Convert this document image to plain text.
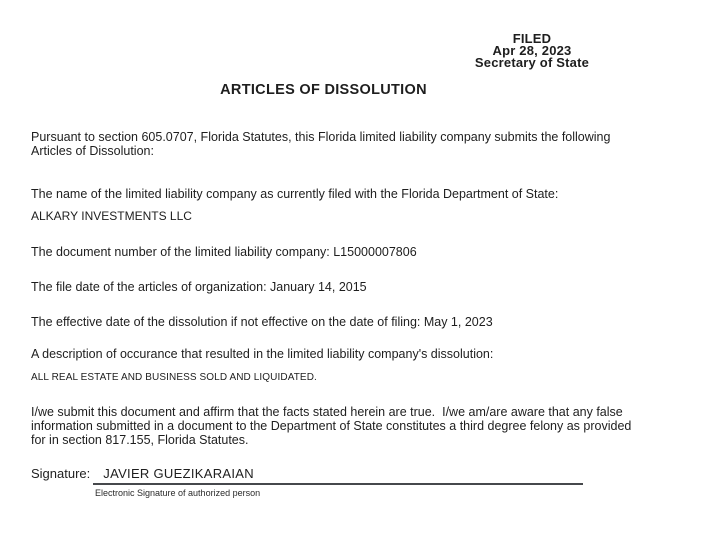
FILED
Apr 28, 2023
Secretary of State
ARTICLES OF DISSOLUTION

Pursuant to section 605.0707, Florida Statutes, this Florida limited liability company submits the following Articles of Dissolution:

The name of the limited liability company as currently filed with the Florida Department of State:

ALKARY INVESTMENTS LLC

The document number of the limited liability company: L15000007806

The file date of the articles of organization: January 14, 2015

The effective date of the dissolution if not effective on the date of filing: May 1, 2023

A description of occurance that resulted in the limited liability company's dissolution:

ALL REAL ESTATE AND BUSINESS SOLD AND LIQUIDATED.

I/we submit this document and affirm that the facts stated herein are true.  I/we am/are aware that any false information submitted in a document to the Department of State constitutes a third degree felony as provided for in section 817.155, Florida Statutes.

Signature: JAVIER GUEZIKARAIAN
Electronic Signature of authorized person
